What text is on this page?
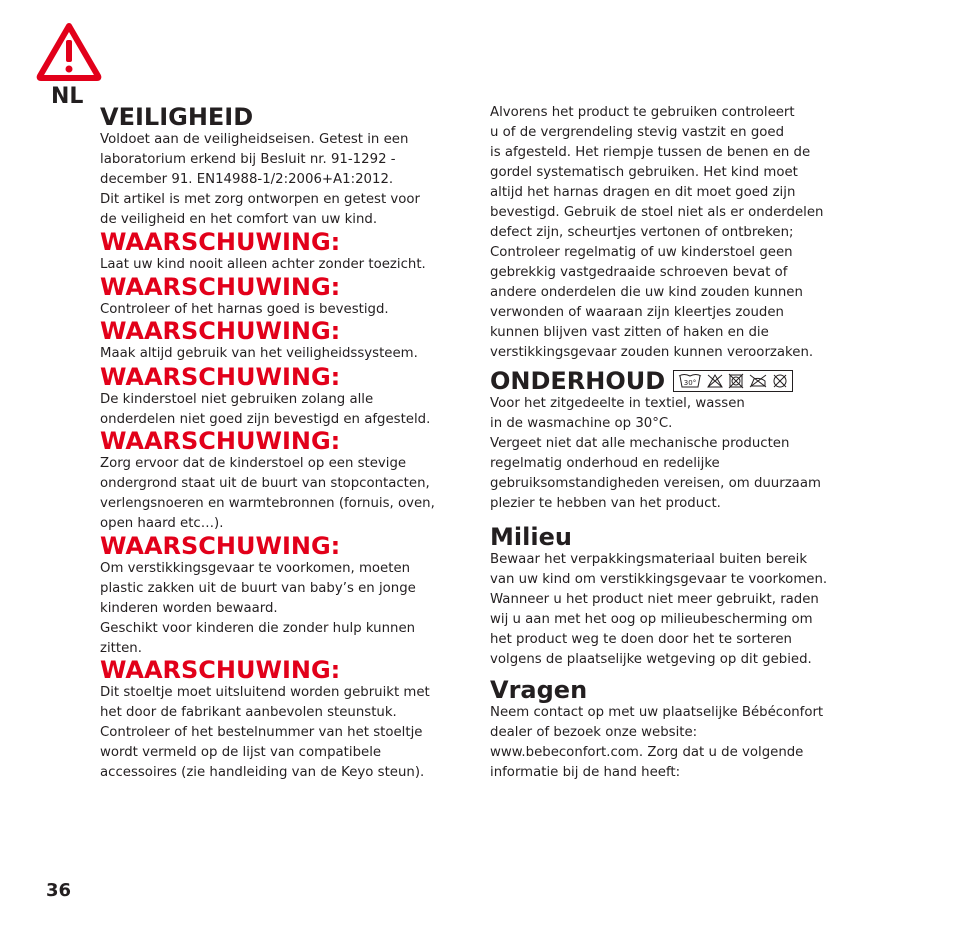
NL
VEILIGHEID

Voldoet aan de veiligheidseisen. Getest in een
laboratorium erkend bij Besluit nr. 91-1292 -
december 91. EN14988-1/2:2006+A1:2012.
Dit artikel is met zorg ontworpen en getest voor
de veiligheid en het comfort van uw kind.

WAARSCHUWING:

Laat uw kind nooit alleen achter zonder toezicht.

WAARSCHUWING:

Controleer of het harnas goed is bevestigd.

WAARSCHUWING:

Maak altijd gebruik van het veiligheidssysteem.

WAARSCHUWING:

De kinderstoel niet gebruiken zolang alle
onderdelen niet goed zijn bevestigd en afgesteld.

WAARSCHUWING:

Zorg ervoor dat de kinderstoel op een stevige
ondergrond staat uit de buurt van stopcontacten,
verlengsnoeren en warmtebronnen (fornuis, oven,
open haard etc…).

WAARSCHUWING:

Om verstikkingsgevaar te voorkomen, moeten
plastic zakken uit de buurt van baby’s en jonge
kinderen worden bewaard.
Geschikt voor kinderen die zonder hulp kunnen
zitten.

WAARSCHUWING:

Dit stoeltje moet uitsluitend worden gebruikt met
het door de fabrikant aanbevolen steunstuk.
Controleer of het bestelnummer van het stoeltje
wordt vermeld op de lijst van compatibele
accessoires (zie handleiding van de Keyo steun).

Alvorens het product te gebruiken controleert
u of de vergrendeling stevig vastzit en goed
is afgesteld. Het riempje tussen de benen en de
gordel systematisch gebruiken. Het kind moet
altijd het harnas dragen en dit moet goed zijn
bevestigd. Gebruik de stoel niet als er onderdelen
defect zijn, scheurtjes vertonen of ontbreken;
Controleer regelmatig of uw kinderstoel geen
gebrekkig vastgedraaide schroeven bevat of
andere onderdelen die uw kind zouden kunnen
verwonden of waaraan zijn kleertjes zouden
kunnen blijven vast zitten of haken en die
verstikkingsgevaar zouden kunnen veroorzaken.

ONDERHOUD	30°

Voor het zitgedeelte in textiel, wassen
in de wasmachine op 30°C.
Vergeet niet dat alle mechanische producten
regelmatig onderhoud en redelijke
gebruiksomstandigheden vereisen, om duurzaam
plezier te hebben van het product.

Milieu

Bewaar het verpakkingsmateriaal buiten bereik
van uw kind om verstikkingsgevaar te voorkomen.
Wanneer u het product niet meer gebruikt, raden
wij u aan met het oog op milieubescherming om
het product weg te doen door het te sorteren
volgens de plaatselijke wetgeving op dit gebied.

Vragen

Neem contact op met uw plaatselijke Bébéconfort
dealer of bezoek onze website:
www.bebeconfort.com. Zorg dat u de volgende
informatie bij de hand heeft:

36
